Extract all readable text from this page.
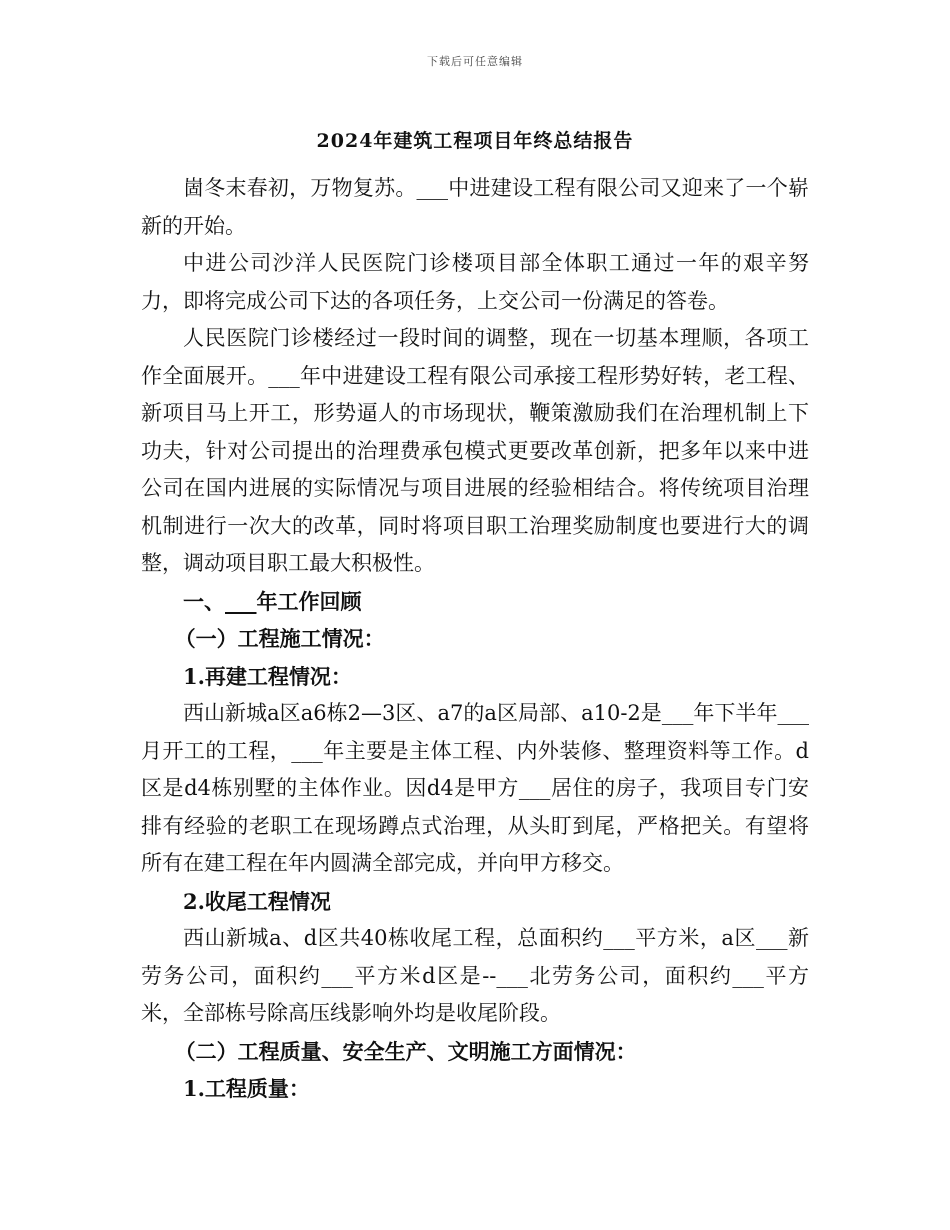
下载后可任意编辑
2024年建筑工程项目年终总结报告

崮冬末春初，万物复苏。___中进建设工程有限公司又迎来了一个崭新的开始。

中进公司沙洋人民医院门诊楼项目部全体职工通过一年的艰辛努力，即将完成公司下达的各项任务，上交公司一份满足的答卷。

人民医院门诊楼经过一段时间的调整，现在一切基本理顺，各项工作全面展开。___年中进建设工程有限公司承接工程形势好转，老工程、新项目马上开工，形势逼人的市场现状，鞭策激励我们在治理机制上下功夫，针对公司提出的治理费承包模式更要改革创新，把多年以来中进公司在国内进展的实际情况与项目进展的经验相结合。将传统项目治理机制进行一次大的改革，同时将项目职工治理奖励制度也要进行大的调整，调动项目职工最大积极性。

一、___年工作回顾

（一）工程施工情况：

1.再建工程情况：

西山新城a区a6栋2—3区、a7的a区局部、a10-2是___年下半年___月开工的工程，___年主要是主体工程、内外装修、整理资料等工作。d区是d4栋别墅的主体作业。因d4是甲方___居住的房子，我项目专门安排有经验的老职工在现场蹲点式治理，从头盯到尾，严格把关。有望将所有在建工程在年内圆满全部完成，并向甲方移交。

2.收尾工程情况

西山新城a、d区共40栋收尾工程，总面积约___平方米，a区___新劳务公司，面积约___平方米d区是--___北劳务公司，面积约___平方米，全部栋号除高压线影响外均是收尾阶段。

（二）工程质量、安全生产、文明施工方面情况：

1.工程质量：
